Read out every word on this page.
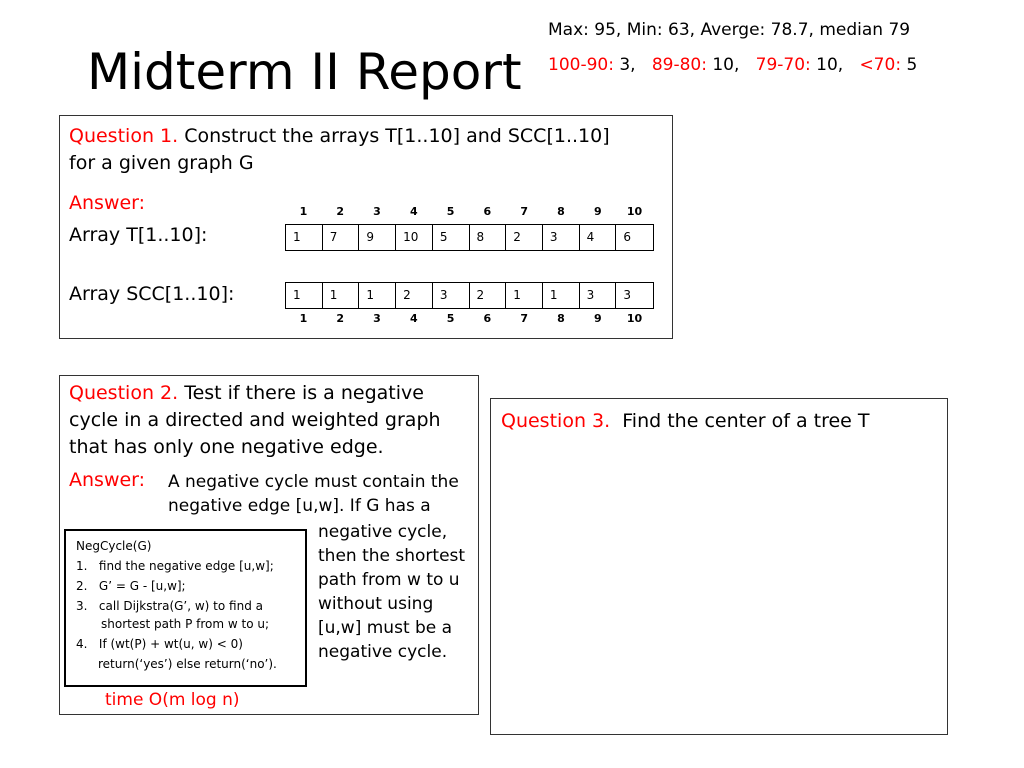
Midterm II Report
Max: 95, Min: 63, Averge: 78.7, median 79
100-90: 3, 89-80: 10, 79-70: 10, <70: 5
Question 1. Construct the arrays T[1..10] and SCC[1..10]
for a given graph G
Answer:
Array T[1..10]:
Array SCC[1..10]:
1	2	3	4	5	6	7	8	9	10
1	7	9	10	5	8	2	3	4	6
1	1	1	2	3	2	1	1	3	3
1	2	3	4	5	6	7	8	9	10
Question 2. Test if there is a negative
cycle in a directed and weighted graph
that has only one negative edge.
Answer: A negative cycle must contain the
negative edge [u,w]. If G has a
negative cycle,
then the shortest
path from w to u
without using
[u,w] must be a
negative cycle.
NegCycle(G)
1. find the negative edge [u,w];
2. G’ = G - [u,w];
3. call Dijkstra(G’, w) to find a
shortest path P from w to u;
4. If (wt(P) + wt(u, w) < 0)
return(‘yes’) else return(‘no’).
time O(m log n)
Question 3. Find the center of a tree T
